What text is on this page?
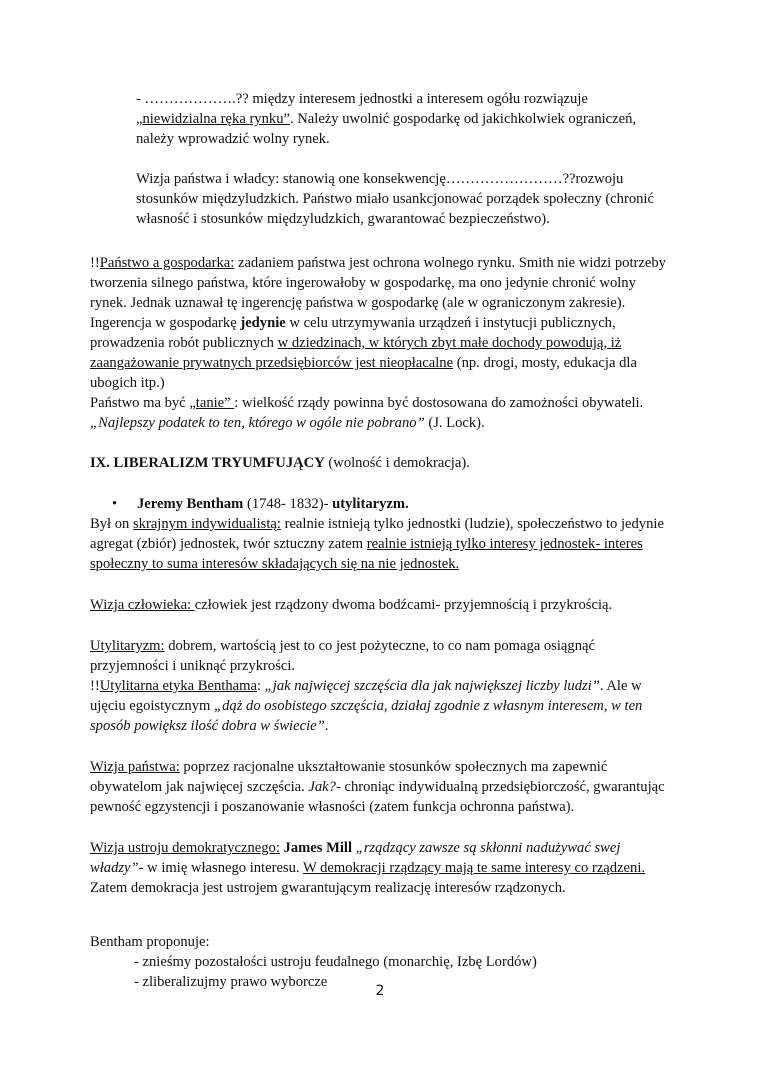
- ……………….?? między interesem jednostki a interesem ogółu rozwiązuje „niewidzialna ręka rynku”. Należy uwolnić gospodarkę od jakichkolwiek ograniczeń, należy wprowadzić wolny rynek.

Wizja państwa i władcy: stanowią one konsekwencję……………………??rozwoju stosunków międzyludzkich. Państwo miało usankcjonować porządek społeczny (chronić własność i stosunków międzyludzkich, gwarantować bezpieczeństwo).

!!Państwo a gospodarka: zadaniem państwa jest ochrona wolnego rynku. Smith nie widzi potrzeby tworzenia silnego państwa, które ingerowałoby w gospodarkę, ma ono jedynie chronić wolny rynek. Jednak uznawał tę ingerencję państwa w gospodarkę (ale w ograniczonym zakresie). Ingerencja w gospodarkę jedynie w celu utrzymywania urządzeń i instytucji publicznych, prowadzenia robót publicznych w dziedzinach, w których zbyt małe dochody powodują, iż zaangażowanie prywatnych przedsiębiorców jest nieopłacalne (np. drogi, mosty, edukacja dla ubogich itp.)

Państwo ma być „tanie” : wielkość rządy powinna być dostosowana do zamożności obywateli. „Najlepszy podatek to ten, którego w ogóle nie pobrano” (J. Lock).

IX. LIBERALIZM TRYUMFUJĄCY (wolność i demokracja).

• Jeremy Bentham (1748- 1832)- utylitaryzm.

Był on skrajnym indywidualistą: realnie istnieją tylko jednostki (ludzie), społeczeństwo to jedynie agregat (zbiór) jednostek, twór sztuczny zatem realnie istnieją tylko interesy jednostek- interes społeczny to suma interesów składających się na nie jednostek.

Wizja człowieka: człowiek jest rządzony dwoma bodźcami- przyjemnością i przykrością.

Utylitaryzm: dobrem, wartością jest to co jest pożyteczne, to co nam pomaga osiągnąć przyjemności i uniknąć przykrości.

!!Utylitarna etyka Benthama: „jak najwięcej szczęścia dla jak największej liczby ludzi”. Ale w ujęciu egoistycznym „dąż do osobistego szczęścia, działaj zgodnie z własnym interesem, w ten sposób powiększ ilość dobra w świecie”.

Wizja państwa: poprzez racjonalne ukształtowanie stosunków społecznych ma zapewnić obywatelom jak najwięcej szczęścia. Jak?- chroniąc indywidualną przedsiębiorczość, gwarantując pewność egzystencji i poszanowanie własności (zatem funkcja ochronna państwa).

Wizja ustroju demokratycznego: James Mill „rządzący zawsze są skłonni nadużywać swej władzy”- w imię własnego interesu. W demokracji rządzący mają te same interesy co rządzeni. Zatem demokracja jest ustrojem gwarantującym realizację interesów rządzonych.

Bentham proponuje:

- znieśmy pozostałości ustroju feudalnego (monarchię, Izbę Lordów)

- zliberalizujmy prawo wyborcze

2
